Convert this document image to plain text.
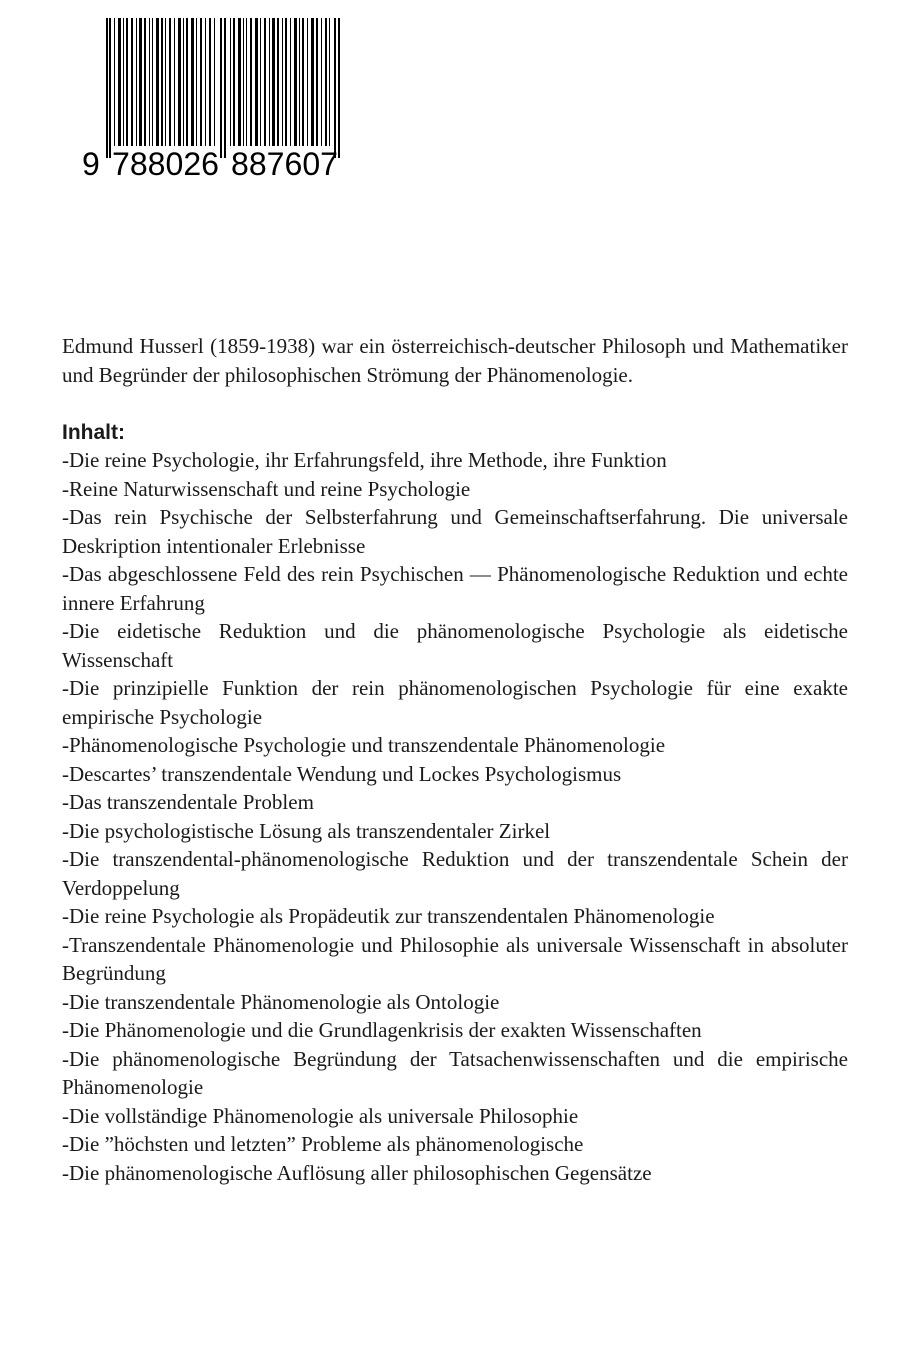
9 788026 887607

Edmund Husserl (1859-1938) war ein österreichisch-deutscher Philosoph und Mathematiker und Begründer der philosophischen Strömung der Phänomenologie.

Inhalt:
-Die reine Psychologie, ihr Erfahrungsfeld, ihre Methode, ihre Funktion
-Reine Naturwissenschaft und reine Psychologie
-Das rein Psychische der Selbsterfahrung und Gemeinschaftserfahrung. Die universale Deskription intentionaler Erlebnisse
-Das abgeschlossene Feld des rein Psychischen — Phänomenologische Reduktion und echte innere Erfahrung
-Die eidetische Reduktion und die phänomenologische Psychologie als eidetische Wissenschaft
-Die prinzipielle Funktion der rein phänomenologischen Psychologie für eine exakte empirische Psychologie
-Phänomenologische Psychologie und transzendentale Phänomenologie
-Descartes’ transzendentale Wendung und Lockes Psychologismus
-Das transzendentale Problem
-Die psychologistische Lösung als transzendentaler Zirkel
-Die transzendental-phänomenologische Reduktion und der transzendentale Schein der Verdoppelung
-Die reine Psychologie als Propädeutik zur transzendentalen Phänomenologie
-Transzendentale Phänomenologie und Philosophie als universale Wissenschaft in absoluter Begründung
-Die transzendentale Phänomenologie als Ontologie
-Die Phänomenologie und die Grundlagenkrisis der exakten Wissenschaften
-Die phänomenologische Begründung der Tatsachenwissenschaften und die empirische Phänomenologie
-Die vollständige Phänomenologie als universale Philosophie
-Die ”höchsten und letzten” Probleme als phänomenologische
-Die phänomenologische Auflösung aller philosophischen Gegensätze
